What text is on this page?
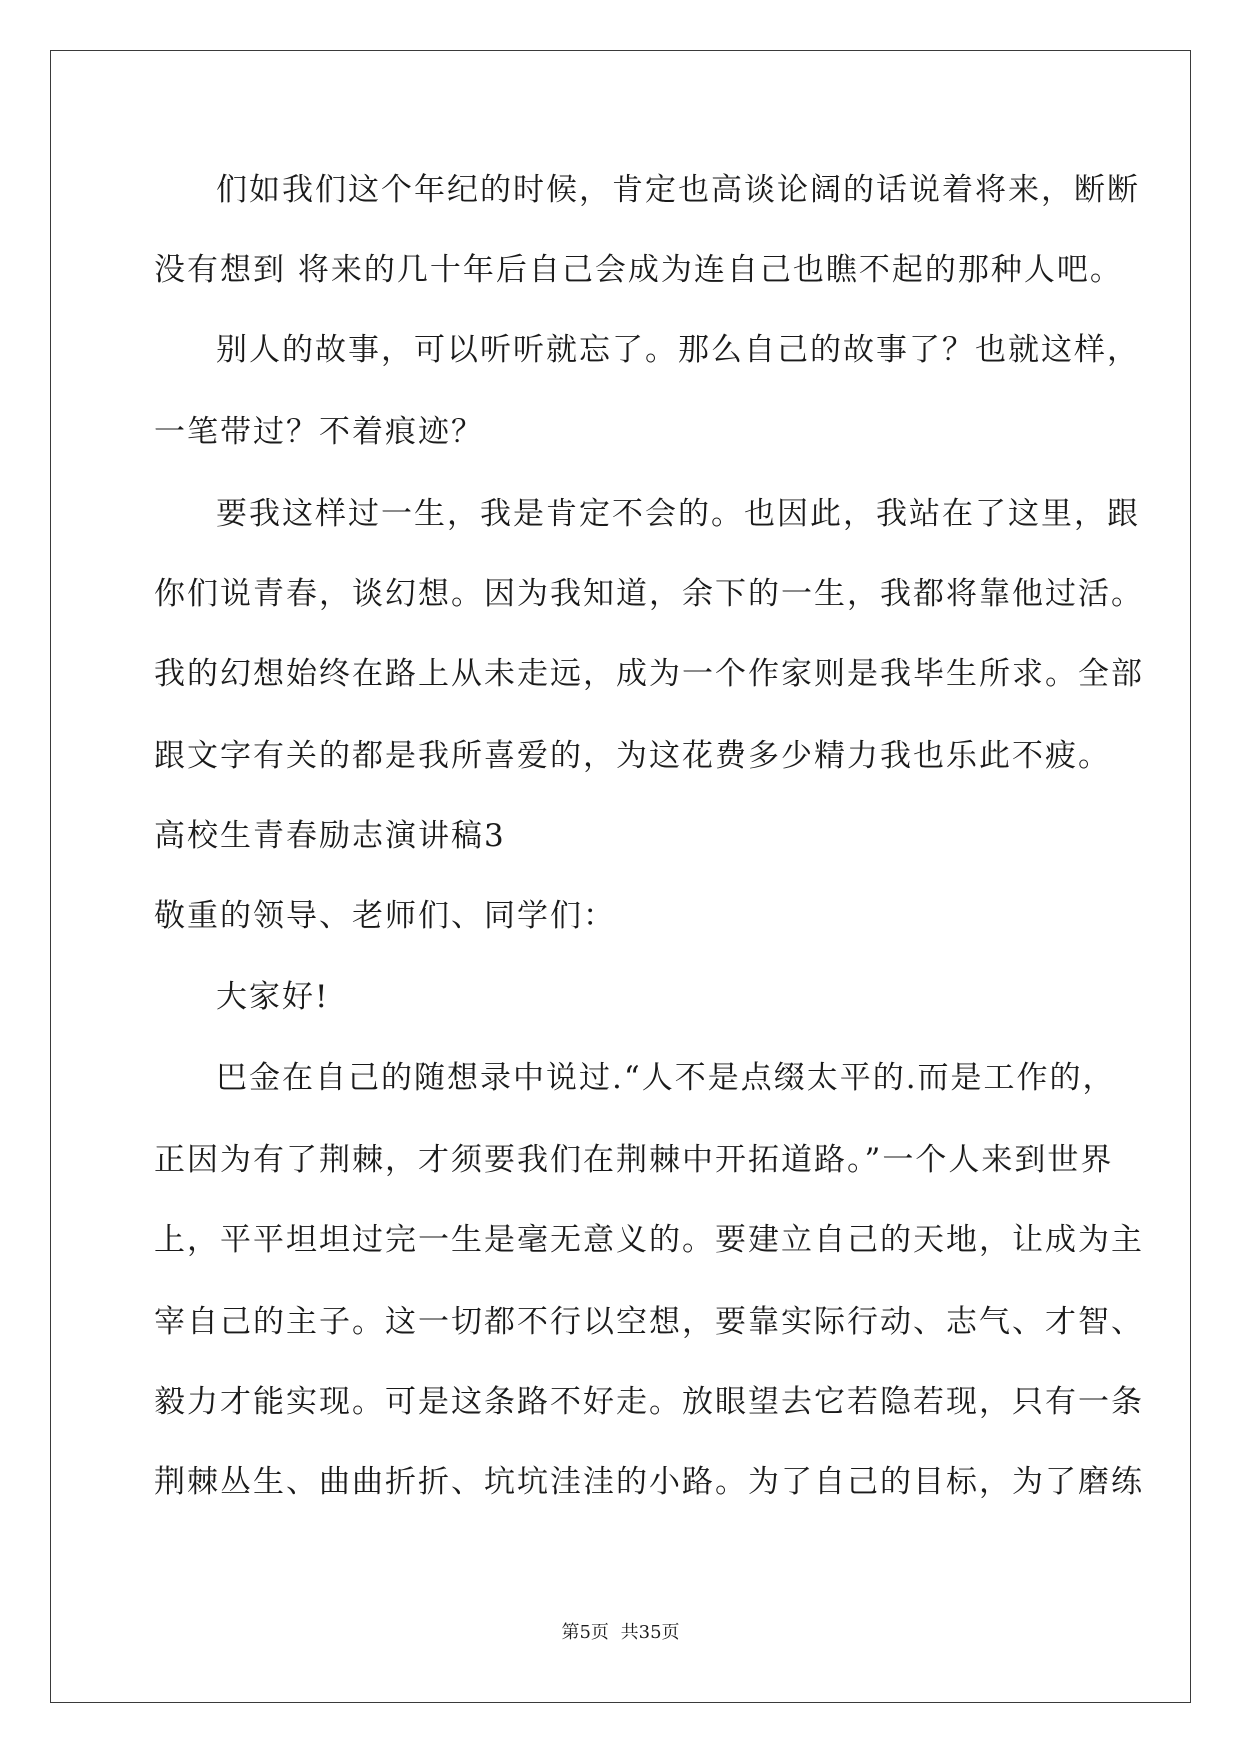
们如我们这个年纪的时候，肯定也高谈论阔的话说着将来，断断
没有想到 将来的几十年后自己会成为连自己也瞧不起的那种人吧。
别人的故事，可以听听就忘了。那么自己的故事了？也就这样，
一笔带过？不着痕迹？
要我这样过一生，我是肯定不会的。也因此，我站在了这里，跟
你们说青春，谈幻想。因为我知道，余下的一生，我都将靠他过活。
我的幻想始终在路上从未走远，成为一个作家则是我毕生所求。全部
跟文字有关的都是我所喜爱的，为这花费多少精力我也乐此不疲。
高校生青春励志演讲稿3
敬重的领导、老师们、同学们：
大家好!
巴金在自己的随想录中说过.“人不是点缀太平的.而是工作的，
正因为有了荆棘，才须要我们在荆棘中开拓道路。”一个人来到世界
上，平平坦坦过完一生是毫无意义的。要建立自己的天地，让成为主
宰自己的主子。这一切都不行以空想，要靠实际行动、志气、才智、
毅力才能实现。可是这条路不好走。放眼望去它若隐若现，只有一条
荆棘丛生、曲曲折折、坑坑洼洼的小路。为了自己的目标，为了磨练
第5页 共35页
